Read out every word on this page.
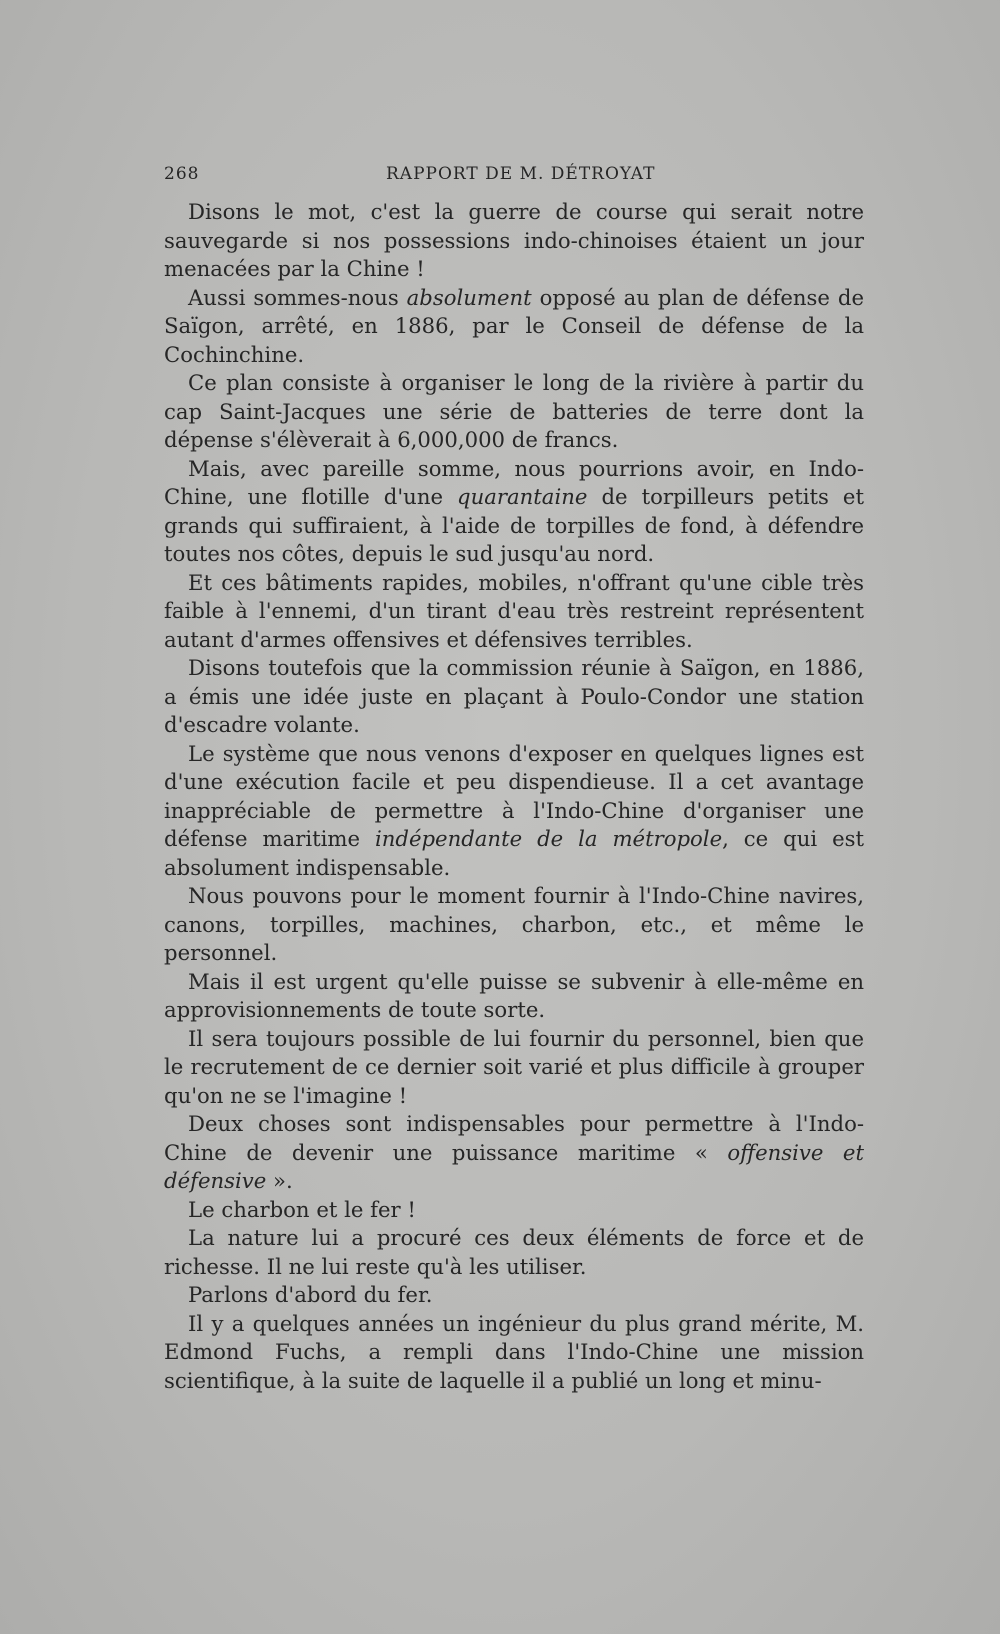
268	RAPPORT DE M. DÉTROYAT

Disons le mot, c'est la guerre de course qui serait notre sauvegarde si nos possessions indo-chinoises étaient un jour menacées par la Chine !

Aussi sommes-nous absolument opposé au plan de défense de Saïgon, arrêté, en 1886, par le Conseil de défense de la Cochinchine.

Ce plan consiste à organiser le long de la rivière à partir du cap Saint-Jacques une série de batteries de terre dont la dépense s'élèverait à 6,000,000 de francs.

Mais, avec pareille somme, nous pourrions avoir, en Indo-Chine, une flotille d'une quarantaine de torpilleurs petits et grands qui suffiraient, à l'aide de torpilles de fond, à défendre toutes nos côtes, depuis le sud jusqu'au nord.

Et ces bâtiments rapides, mobiles, n'offrant qu'une cible très faible à l'ennemi, d'un tirant d'eau très restreint représentent autant d'armes offensives et défensives terribles.

Disons toutefois que la commission réunie à Saïgon, en 1886, a émis une idée juste en plaçant à Poulo-Condor une station d'escadre volante.

Le système que nous venons d'exposer en quelques lignes est d'une exécution facile et peu dispendieuse. Il a cet avantage inappréciable de permettre à l'Indo-Chine d'organiser une défense maritime indépendante de la métropole, ce qui est absolument indispensable.

Nous pouvons pour le moment fournir à l'Indo-Chine navires, canons, torpilles, machines, charbon, etc., et même le personnel.

Mais il est urgent qu'elle puisse se subvenir à elle-même en approvisionnements de toute sorte.

Il sera toujours possible de lui fournir du personnel, bien que le recrutement de ce dernier soit varié et plus difficile à grouper qu'on ne se l'imagine !

Deux choses sont indispensables pour permettre à l'Indo-Chine de devenir une puissance maritime « offensive et défensive ».

Le charbon et le fer !

La nature lui a procuré ces deux éléments de force et de richesse. Il ne lui reste qu'à les utiliser.

Parlons d'abord du fer.

Il y a quelques années un ingénieur du plus grand mérite, M. Edmond Fuchs, a rempli dans l'Indo-Chine une mission scientifique, à la suite de laquelle il a publié un long et minu-
